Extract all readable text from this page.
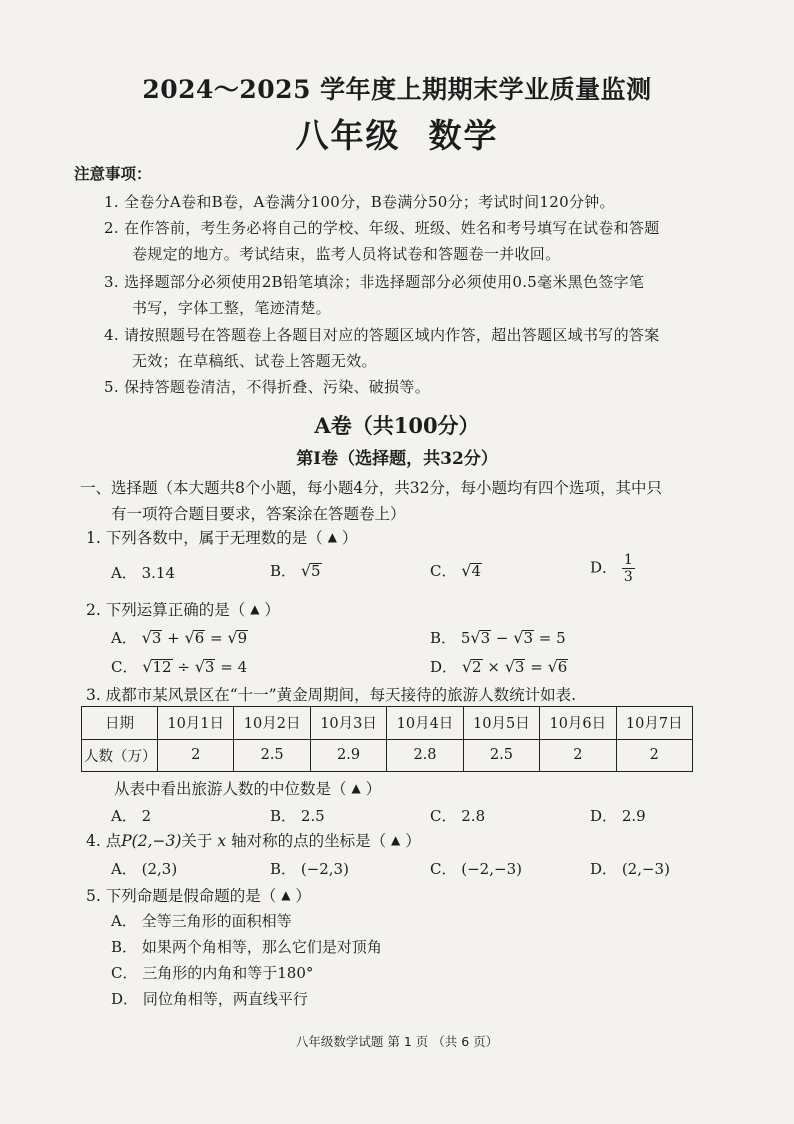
2024～2025 学年度上期期末学业质量监测
八年级 数学
注意事项：
1. 全卷分A卷和B卷，A卷满分100分，B卷满分50分；考试时间120分钟。
2. 在作答前，考生务必将自己的学校、年级、班级、姓名和考号填写在试卷和答题
卷规定的地方。考试结束，监考人员将试卷和答题卷一并收回。
3. 选择题部分必须使用2B铅笔填涂；非选择题部分必须使用0.5毫米黑色签字笔
书写，字体工整，笔迹清楚。
4. 请按照题号在答题卷上各题目对应的答题区域内作答，超出答题区域书写的答案
无效；在草稿纸、试卷上答题无效。
5. 保持答题卷清洁，不得折叠、污染、破损等。
A卷（共100分）
第Ⅰ卷（选择题，共32分）
一、选择题（本大题共8个小题，每小题4分，共32分，每小题均有四个选项，其中只
有一项符合题目要求，答案涂在答题卷上）
1. 下列各数中，属于无理数的是（ ▲ ）
A． 3.14	B． √5	C． √4	D． $\frac{1}{3}$
2. 下列运算正确的是（ ▲ ）
A． √3 + √6 = √9	B． 5√3 − √3 = 5
C． √12 ÷ √3 = 4	D． √2 × √3 = √6
3. 成都市某风景区在“十一”黄金周期间，每天接待的旅游人数统计如表.
日期	10月1日	10月2日	10月3日	10月4日	10月5日	10月6日	10月7日
人数（万）	2	2.5	2.9	2.8	2.5	2	2
从表中看出旅游人数的中位数是（ ▲ ）
A． 2	B． 2.5	C． 2.8	D． 2.9
4. 点P(2,−3)关于 x 轴对称的点的坐标是（ ▲ ）
A． (2,3)	B． (−2,3)	C． (−2,−3)	D． (2,−3)
5. 下列命题是假命题的是（ ▲ ）
A． 全等三角形的面积相等
B． 如果两个角相等，那么它们是对顶角
C． 三角形的内角和等于180°
D． 同位角相等，两直线平行
八年级数学试题 第 1 页 （共 6 页）
